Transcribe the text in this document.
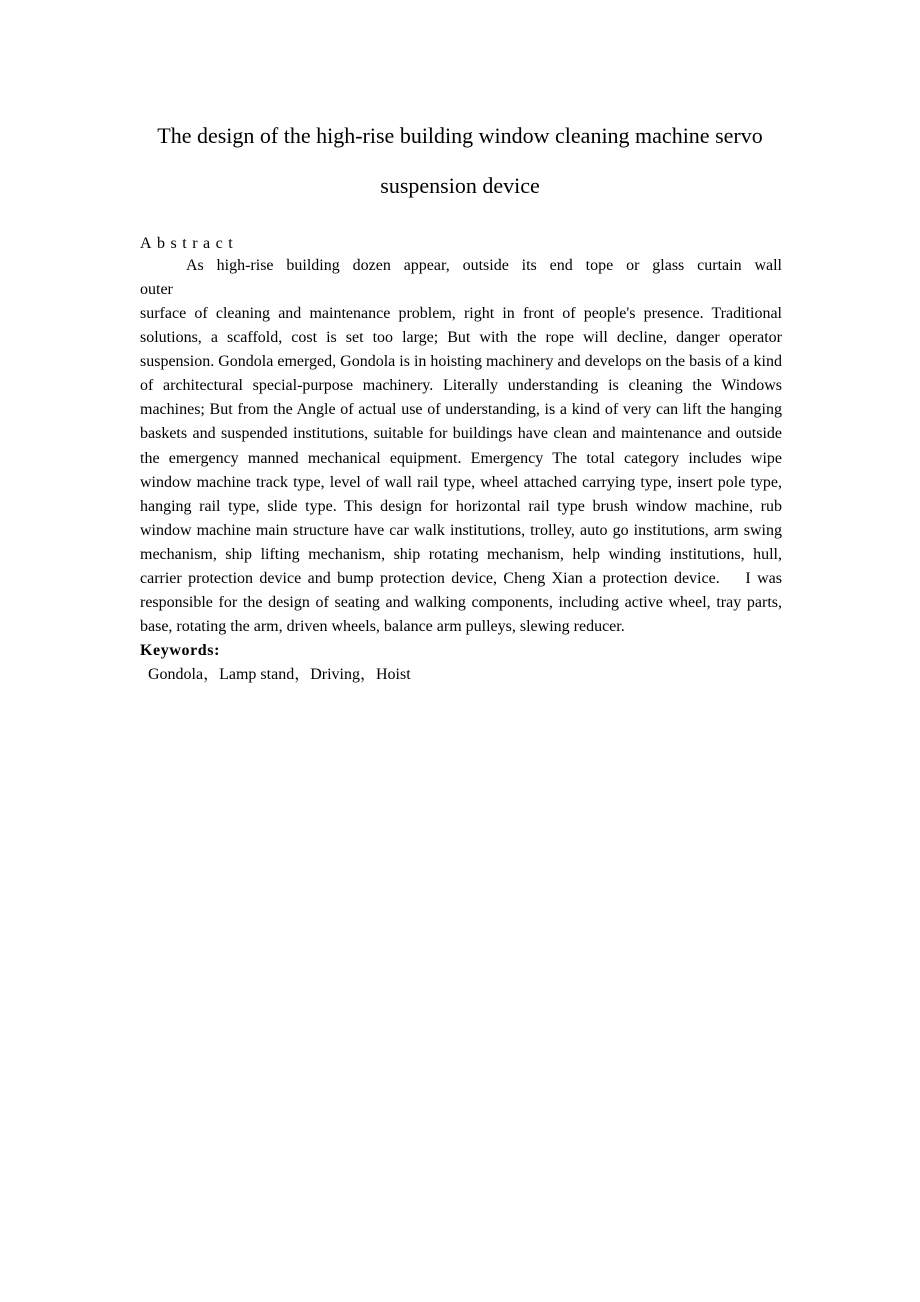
The design of the high-rise building window cleaning machine servo
suspension device
Abstract

As high-rise building dozen appear, outside its end tope or glass curtain wall

outer

surface of cleaning and maintenance problem, right in front of people's presence. Traditional solutions, a scaffold, cost is set too large; But with the rope will decline, danger operator suspension. Gondola emerged, Gondola is in hoisting machinery and develops on the basis of a kind of architectural special-purpose machinery. Literally understanding is cleaning the Windows machines; But from the Angle of actual use of understanding, is a kind of very can lift the hanging baskets and suspended institutions, suitable for buildings have clean and maintenance and outside the emergency manned mechanical equipment. Emergency The total category includes wipe window machine track type, level of wall rail type, wheel attached carrying type, insert pole type, hanging rail type, slide type. This design for horizontal rail type brush window machine, rub window machine main structure have car walk institutions, trolley, auto go institutions, arm swing mechanism, ship lifting mechanism, ship rotating mechanism, help winding institutions, hull, carrier protection device and bump protection device, Cheng Xian a protection device.    I was responsible for the design of seating and walking components, including active wheel, tray parts, base, rotating the arm, driven wheels, balance arm pulleys, slewing reducer.

Keywords:
Gondola，Lamp stand，Driving，Hoist
